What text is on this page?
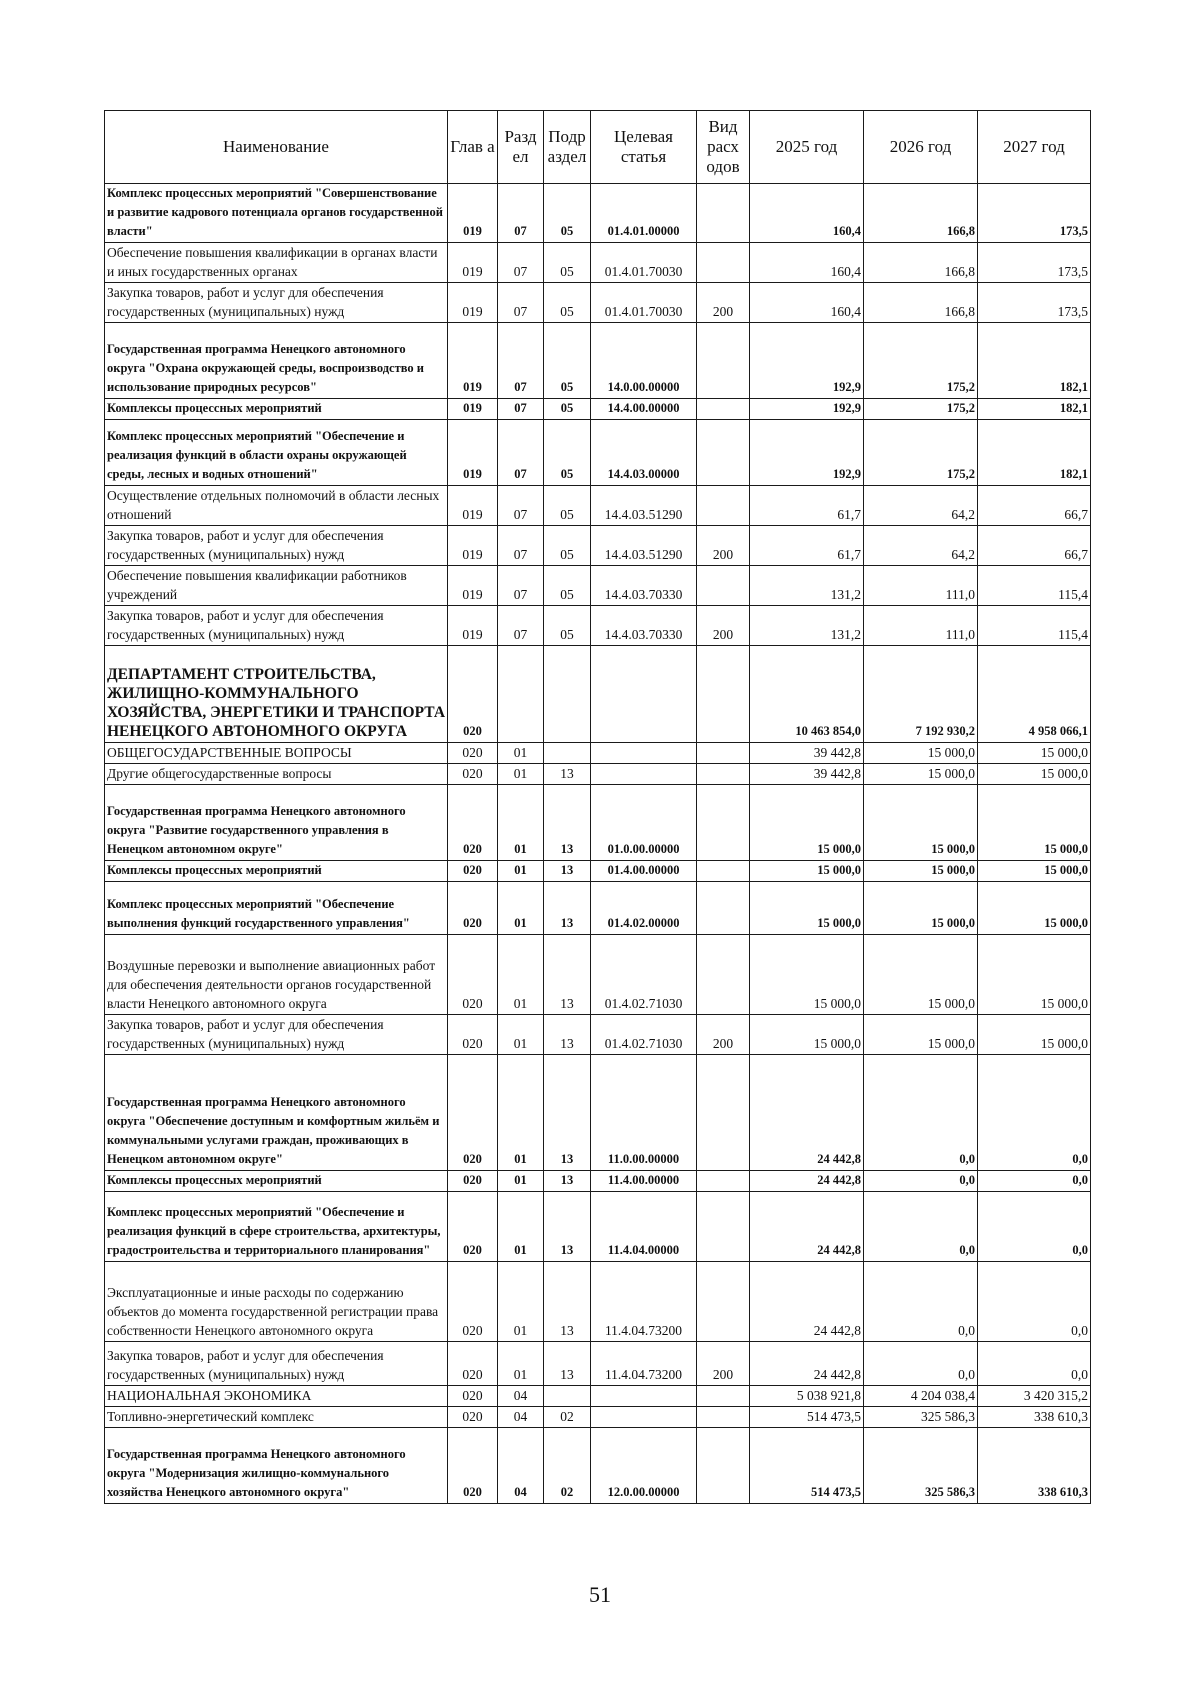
Наименование	Глав а	Разд ел	Подр аздел	Целевая статья	Вид расх одов	2025 год	2026 год	2027 год
Комплекс процессных мероприятий "Совершенствование и развитие кадрового потенциала органов государственной власти"	019	07	05	01.4.01.00000		160,4	166,8	173,5
Обеспечение повышения квалификации в органах власти и иных государственных органах	019	07	05	01.4.01.70030		160,4	166,8	173,5
Закупка товаров, работ и услуг для обеспечения государственных (муниципальных) нужд	019	07	05	01.4.01.70030	200	160,4	166,8	173,5
Государственная программа Ненецкого автономного округа "Охрана окружающей среды, воспроизводство и использование природных ресурсов"	019	07	05	14.0.00.00000		192,9	175,2	182,1
Комплексы процессных мероприятий	019	07	05	14.4.00.00000		192,9	175,2	182,1
Комплекс процессных мероприятий "Обеспечение и реализация функций в области охраны окружающей среды, лесных и водных отношений"	019	07	05	14.4.03.00000		192,9	175,2	182,1
Осуществление отдельных полномочий в области лесных отношений	019	07	05	14.4.03.51290		61,7	64,2	66,7
Закупка товаров, работ и услуг для обеспечения государственных (муниципальных) нужд	019	07	05	14.4.03.51290	200	61,7	64,2	66,7
Обеспечение повышения квалификации работников учреждений	019	07	05	14.4.03.70330		131,2	111,0	115,4
Закупка товаров, работ и услуг для обеспечения государственных (муниципальных) нужд	019	07	05	14.4.03.70330	200	131,2	111,0	115,4
ДЕПАРТАМЕНТ СТРОИТЕЛЬСТВА, ЖИЛИЩНО-КОММУНАЛЬНОГО ХОЗЯЙСТВА, ЭНЕРГЕТИКИ И ТРАНСПОРТА НЕНЕЦКОГО АВТОНОМНОГО ОКРУГА	020					10 463 854,0	7 192 930,2	4 958 066,1
ОБЩЕГОСУДАРСТВЕННЫЕ ВОПРОСЫ	020	01				39 442,8	15 000,0	15 000,0
Другие общегосударственные вопросы	020	01	13			39 442,8	15 000,0	15 000,0
Государственная программа Ненецкого автономного округа "Развитие государственного управления в Ненецком автономном округе"	020	01	13	01.0.00.00000		15 000,0	15 000,0	15 000,0
Комплексы процессных мероприятий	020	01	13	01.4.00.00000		15 000,0	15 000,0	15 000,0
Комплекс процессных мероприятий "Обеспечение выполнения функций государственного управления"	020	01	13	01.4.02.00000		15 000,0	15 000,0	15 000,0
Воздушные перевозки и выполнение авиационных работ для обеспечения деятельности органов государственной власти Ненецкого автономного округа	020	01	13	01.4.02.71030		15 000,0	15 000,0	15 000,0
Закупка товаров, работ и услуг для обеспечения государственных (муниципальных) нужд	020	01	13	01.4.02.71030	200	15 000,0	15 000,0	15 000,0
Государственная программа Ненецкого автономного округа "Обеспечение доступным и комфортным жильём и коммунальными услугами граждан, проживающих в Ненецком автономном округе"	020	01	13	11.0.00.00000		24 442,8	0,0	0,0
Комплексы процессных мероприятий	020	01	13	11.4.00.00000		24 442,8	0,0	0,0
Комплекс процессных мероприятий "Обеспечение и реализация функций в сфере строительства, архитектуры, градостроительства и территориального планирования"	020	01	13	11.4.04.00000		24 442,8	0,0	0,0
Эксплуатационные и иные расходы по содержанию объектов до момента государственной регистрации права собственности Ненецкого автономного округа	020	01	13	11.4.04.73200		24 442,8	0,0	0,0
Закупка товаров, работ и услуг для обеспечения государственных (муниципальных) нужд	020	01	13	11.4.04.73200	200	24 442,8	0,0	0,0
НАЦИОНАЛЬНАЯ ЭКОНОМИКА	020	04				5 038 921,8	4 204 038,4	3 420 315,2
Топливно-энергетический комплекс	020	04	02			514 473,5	325 586,3	338 610,3
Государственная программа Ненецкого автономного округа "Модернизация жилищно-коммунального хозяйства Ненецкого автономного округа"	020	04	02	12.0.00.00000		514 473,5	325 586,3	338 610,3
51
